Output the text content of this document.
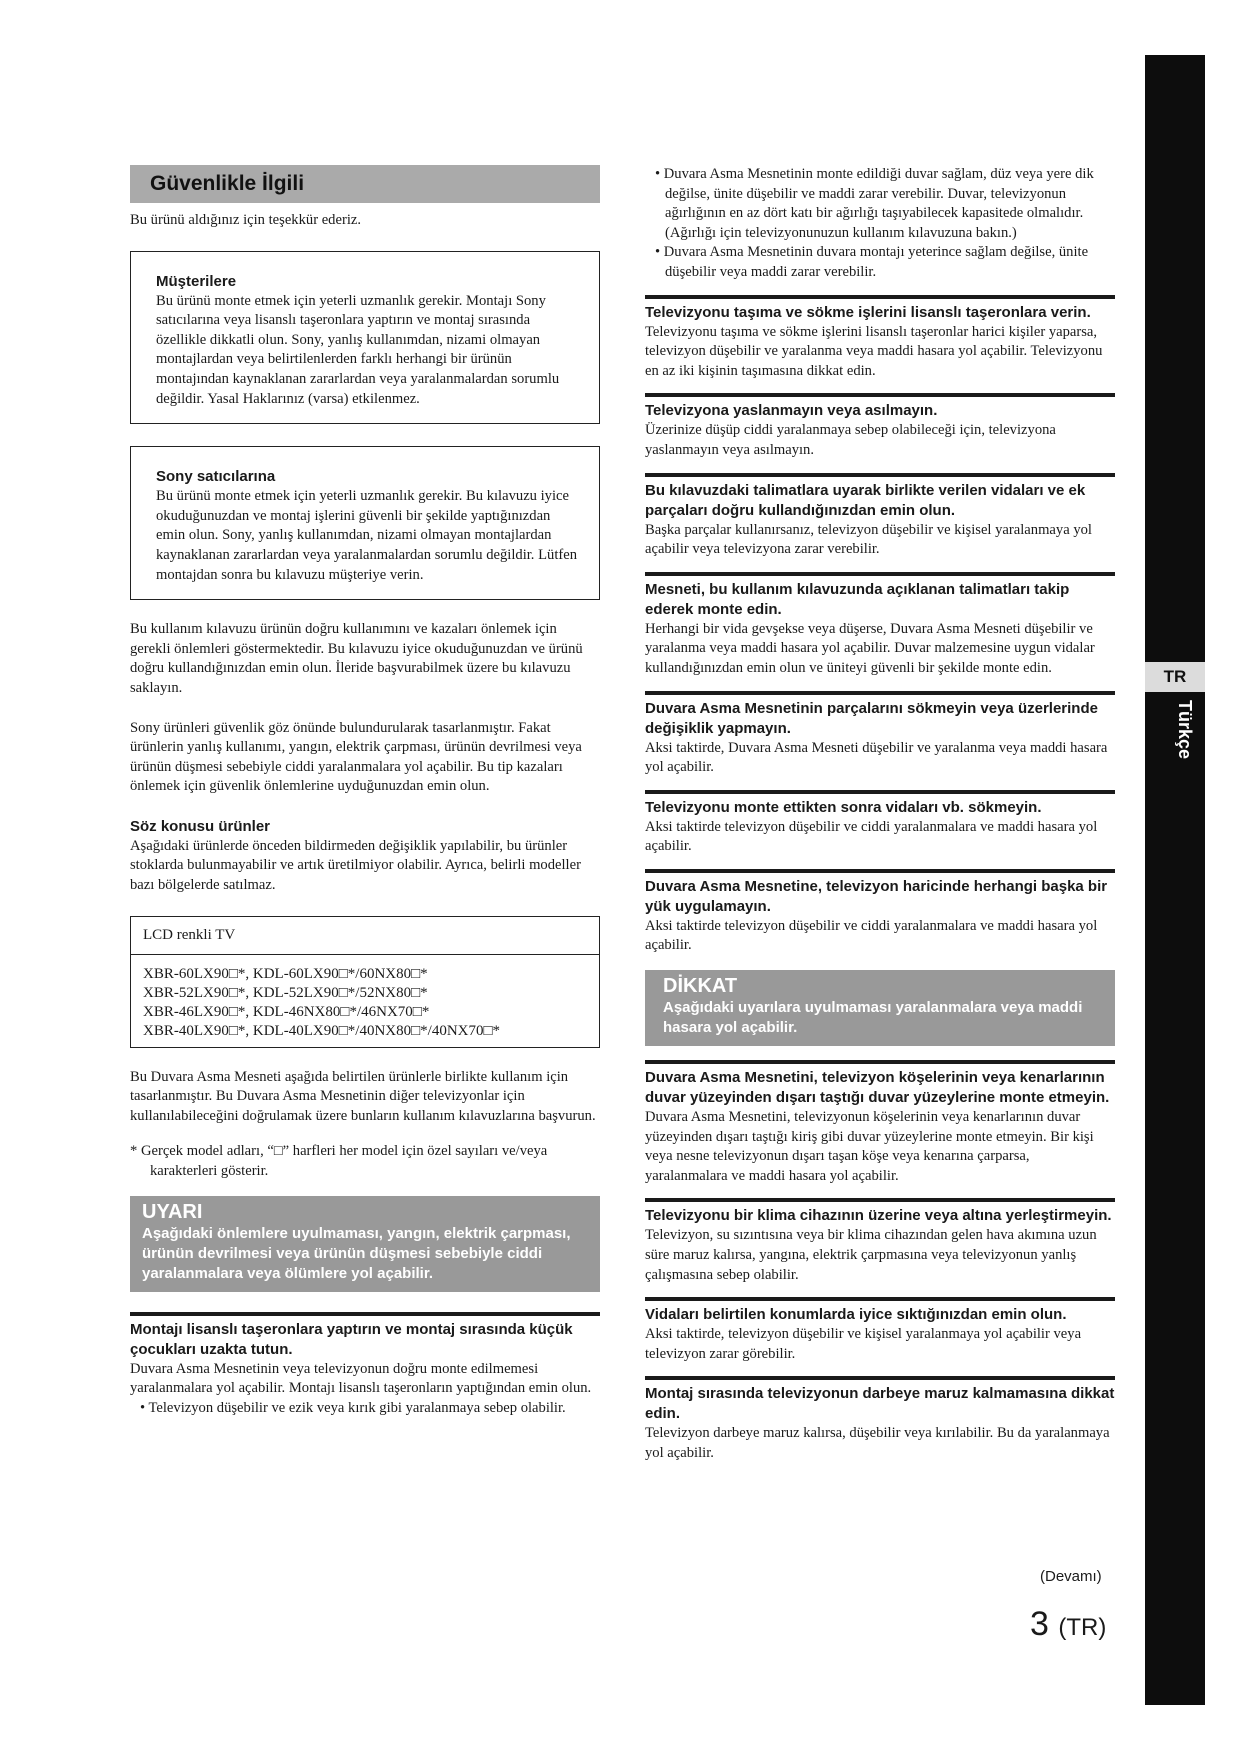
TR
Türkçe
Güvenlikle İlgili

Bu ürünü aldığınız için teşekkür ederiz.

Müşterilere

Bu ürünü monte etmek için yeterli uzmanlık gerekir. Montajı Sony satıcılarına veya lisanslı taşeronlara yaptırın ve montaj sırasında özellikle dikkatli olun. Sony, yanlış kullanımdan, nizami olmayan montajlardan veya belirtilenlerden farklı herhangi bir ürünün montajından kaynaklanan zararlardan veya yaralanmalardan sorumlu değildir. Yasal Haklarınız (varsa) etkilenmez.

Sony satıcılarına

Bu ürünü monte etmek için yeterli uzmanlık gerekir. Bu kılavuzu iyice okuduğunuzdan ve montaj işlerini güvenli bir şekilde yaptığınızdan emin olun. Sony, yanlış kullanımdan, nizami olmayan montajlardan kaynaklanan zararlardan veya yaralanmalardan sorumlu değildir. Lütfen montajdan sonra bu kılavuzu müşteriye verin.

Bu kullanım kılavuzu ürünün doğru kullanımını ve kazaları önlemek için gerekli önlemleri göstermektedir. Bu kılavuzu iyice okuduğunuzdan ve ürünü doğru kullandığınızdan emin olun. İleride başvurabilmek üzere bu kılavuzu saklayın.

Sony ürünleri güvenlik göz önünde bulundurularak tasarlanmıştır. Fakat ürünlerin yanlış kullanımı, yangın, elektrik çarpması, ürünün devrilmesi veya ürünün düşmesi sebebiyle ciddi yaralanmalara yol açabilir. Bu tip kazaları önlemek için güvenlik önlemlerine uyduğunuzdan emin olun.

Söz konusu ürünler

Aşağıdaki ürünlerde önceden bildirmeden değişiklik yapılabilir, bu ürünler stoklarda bulunmayabilir ve artık üretilmiyor olabilir. Ayrıca, belirli modeller bazı bölgelerde satılmaz.

LCD renkli TV
XBR-60LX90□*, KDL-60LX90□*/60NX80□*
XBR-52LX90□*, KDL-52LX90□*/52NX80□*
XBR-46LX90□*, KDL-46NX80□*/46NX70□*
XBR-40LX90□*, KDL-40LX90□*/40NX80□*/40NX70□*

Bu Duvara Asma Mesneti aşağıda belirtilen ürünlerle birlikte kullanım için tasarlanmıştır. Bu Duvara Asma Mesnetinin diğer televizyonlar için kullanılabileceğini doğrulamak üzere bunların kullanım kılavuzlarına başvurun.

* Gerçek model adları, “□” harfleri her model için özel sayıları ve/veya karakterleri gösterir.

UYARI
Aşağıdaki önlemlere uyulmaması, yangın, elektrik çarpması, ürünün devrilmesi veya ürünün düşmesi sebebiyle ciddi yaralanmalara veya ölümlere yol açabilir.
Montajı lisanslı taşeronlara yaptırın ve montaj sırasında küçük çocukları uzakta tutun.

Duvara Asma Mesnetinin veya televizyonun doğru monte edilmemesi yaralanmalara yol açabilir. Montajı lisanslı taşeronların yaptığından emin olun.

• Televizyon düşebilir ve ezik veya kırık gibi yaralanmaya sebep olabilir.

• Duvara Asma Mesnetinin monte edildiği duvar sağlam, düz veya yere dik değilse, ünite düşebilir ve maddi zarar verebilir. Duvar, televizyonun ağırlığının en az dört katı bir ağırlığı taşıyabilecek kapasitede olmalıdır. (Ağırlığı için televizyonunuzun kullanım kılavuzuna bakın.)

• Duvara Asma Mesnetinin duvara montajı yeterince sağlam değilse, ünite düşebilir veya maddi zarar verebilir.

Televizyonu taşıma ve sökme işlerini lisanslı taşeronlara verin.

Televizyonu taşıma ve sökme işlerini lisanslı taşeronlar harici kişiler yaparsa, televizyon düşebilir ve yaralanma veya maddi hasara yol açabilir. Televizyonu en az iki kişinin taşımasına dikkat edin.

Televizyona yaslanmayın veya asılmayın.

Üzerinize düşüp ciddi yaralanmaya sebep olabileceği için, televizyona yaslanmayın veya asılmayın.

Bu kılavuzdaki talimatlara uyarak birlikte verilen vidaları ve ek parçaları doğru kullandığınızdan emin olun.

Başka parçalar kullanırsanız, televizyon düşebilir ve kişisel yaralanmaya yol açabilir veya televizyona zarar verebilir.

Mesneti, bu kullanım kılavuzunda açıklanan talimatları takip ederek monte edin.

Herhangi bir vida gevşekse veya düşerse, Duvara Asma Mesneti düşebilir ve yaralanma veya maddi hasara yol açabilir. Duvar malzemesine uygun vidalar kullandığınızdan emin olun ve üniteyi güvenli bir şekilde monte edin.

Duvara Asma Mesnetinin parçalarını sökmeyin veya üzerlerinde değişiklik yapmayın.

Aksi taktirde, Duvara Asma Mesneti düşebilir ve yaralanma veya maddi hasara yol açabilir.

Televizyonu monte ettikten sonra vidaları vb. sökmeyin.

Aksi taktirde televizyon düşebilir ve ciddi yaralanmalara ve maddi hasara yol açabilir.

Duvara Asma Mesnetine, televizyon haricinde herhangi başka bir yük uygulamayın.

Aksi taktirde televizyon düşebilir ve ciddi yaralanmalara ve maddi hasara yol açabilir.

DİKKAT
Aşağıdaki uyarılara uyulmaması yaralanmalara veya maddi hasara yol açabilir.
Duvara Asma Mesnetini, televizyon köşelerinin veya kenarlarının duvar yüzeyinden dışarı taştığı duvar yüzeylerine monte etmeyin.

Duvara Asma Mesnetini, televizyonun köşelerinin veya kenarlarının duvar yüzeyinden dışarı taştığı kiriş gibi duvar yüzeylerine monte etmeyin. Bir kişi veya nesne televizyonun dışarı taşan köşe veya kenarına çarparsa, yaralanmalara ve maddi hasara yol açabilir.

Televizyonu bir klima cihazının üzerine veya altına yerleştirmeyin.

Televizyon, su sızıntısına veya bir klima cihazından gelen hava akımına uzun süre maruz kalırsa, yangına, elektrik çarpmasına veya televizyonun yanlış çalışmasına sebep olabilir.

Vidaları belirtilen konumlarda iyice sıktığınızdan emin olun.

Aksi taktirde, televizyon düşebilir ve kişisel yaralanmaya yol açabilir veya televizyon zarar görebilir.

Montaj sırasında televizyonun darbeye maruz kalmamasına dikkat edin.

Televizyon darbeye maruz kalırsa, düşebilir veya kırılabilir. Bu da yaralanmaya yol açabilir.

(Devamı)
3 (TR)
